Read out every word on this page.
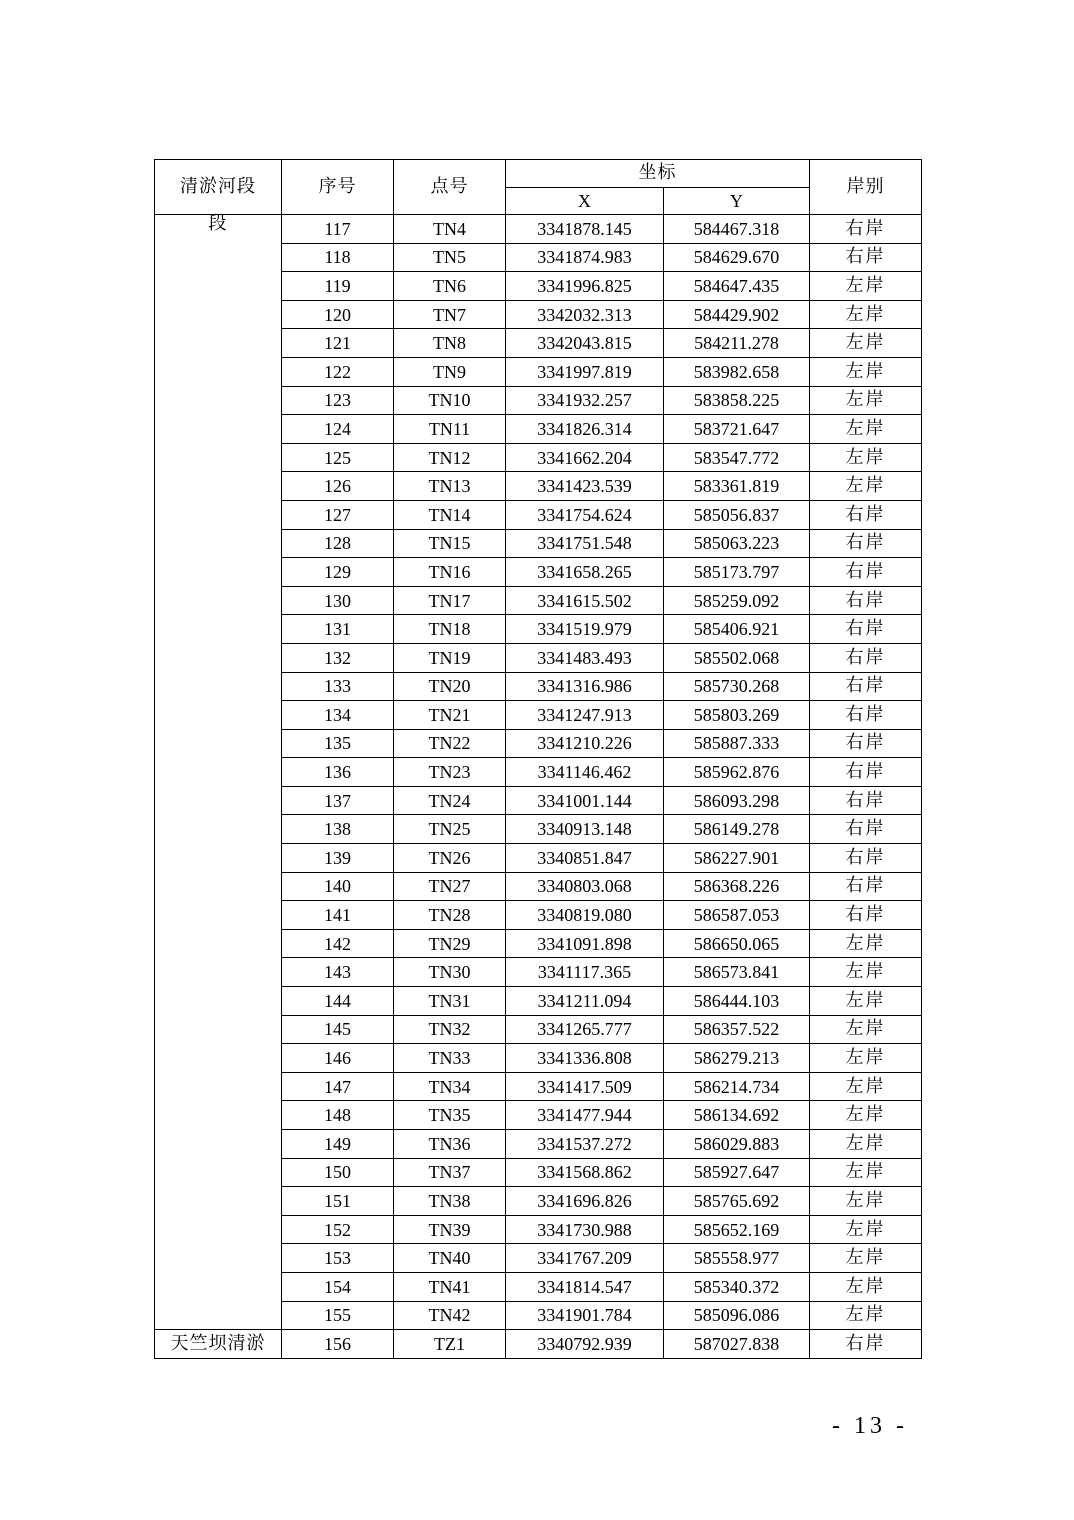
清淤河段	序号	点号	坐标		岸别
			X	Y	
段	117	TN4	3341878.145	584467.318	右岸
	118	TN5	3341874.983	584629.670	右岸
	119	TN6	3341996.825	584647.435	左岸
	120	TN7	3342032.313	584429.902	左岸
	121	TN8	3342043.815	584211.278	左岸
	122	TN9	3341997.819	583982.658	左岸
	123	TN10	3341932.257	583858.225	左岸
	124	TN11	3341826.314	583721.647	左岸
	125	TN12	3341662.204	583547.772	左岸
	126	TN13	3341423.539	583361.819	左岸
	127	TN14	3341754.624	585056.837	右岸
	128	TN15	3341751.548	585063.223	右岸
	129	TN16	3341658.265	585173.797	右岸
	130	TN17	3341615.502	585259.092	右岸
	131	TN18	3341519.979	585406.921	右岸
	132	TN19	3341483.493	585502.068	右岸
	133	TN20	3341316.986	585730.268	右岸
	134	TN21	3341247.913	585803.269	右岸
	135	TN22	3341210.226	585887.333	右岸
	136	TN23	3341146.462	585962.876	右岸
	137	TN24	3341001.144	586093.298	右岸
	138	TN25	3340913.148	586149.278	右岸
	139	TN26	3340851.847	586227.901	右岸
	140	TN27	3340803.068	586368.226	右岸
	141	TN28	3340819.080	586587.053	右岸
	142	TN29	3341091.898	586650.065	左岸
	143	TN30	3341117.365	586573.841	左岸
	144	TN31	3341211.094	586444.103	左岸
	145	TN32	3341265.777	586357.522	左岸
	146	TN33	3341336.808	586279.213	左岸
	147	TN34	3341417.509	586214.734	左岸
	148	TN35	3341477.944	586134.692	左岸
	149	TN36	3341537.272	586029.883	左岸
	150	TN37	3341568.862	585927.647	左岸
	151	TN38	3341696.826	585765.692	左岸
	152	TN39	3341730.988	585652.169	左岸
	153	TN40	3341767.209	585558.977	左岸
	154	TN41	3341814.547	585340.372	左岸
	155	TN42	3341901.784	585096.086	左岸
天竺坝清淤	156	TZ1	3340792.939	587027.838	右岸
- 13 -
